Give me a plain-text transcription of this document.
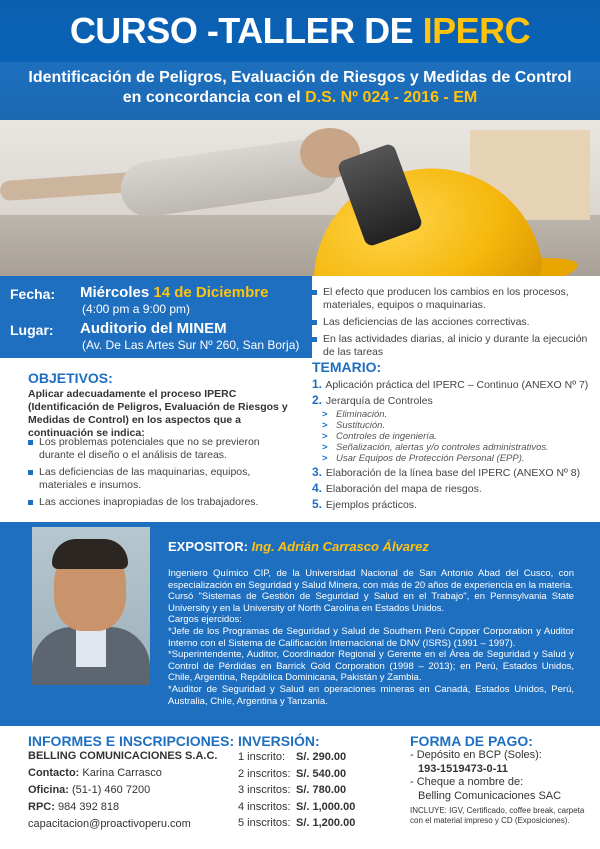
CURSO -TALLER DE IPERC
Identificación de Peligros, Evaluación de Riesgos y Medidas de Control
en concordancia con el D.S. Nº 024 - 2016 - EM
Fecha: Miércoles 14 de Diciembre
(4:00 pm a 9:00 pm)
Lugar: Auditorio del MINEM
(Av. De Las Artes Sur Nº 260, San Borja)
El efecto que producen los cambios en los procesos, materiales, equipos o maquinarias.
Las deficiencias de las acciones correctivas.
En las actividades diarias, al inicio y durante la ejecución de las tareas
OBJETIVOS:
Aplicar adecuadamente el proceso IPERC (Identificación de Peligros, Evaluación de Riesgos y Medidas de Control) en los aspectos que a continuación se indica:
Los problemas potenciales que no se previeron durante el diseño o el análisis de tareas.
Las deficiencias de las maquinarias, equipos, materiales e insumos.
Las acciones inapropiadas de los trabajadores.
TEMARIO:
1. Aplicación práctica del IPERC – Continuo (ANEXO Nº 7)
2. Jerarquía de Controles
> Eliminación.
> Sustitución.
> Controles de ingeniería.
> Señalización, alertas y/o controles administrativos.
> Usar Equipos de Protección Personal (EPP).
3. Elaboración de la línea base del IPERC (ANEXO Nº 8)
4. Elaboración del mapa de riesgos.
5. Ejemplos prácticos.
EXPOSITOR: Ing. Adrián Carrasco Álvarez

Ingeniero Químico CIP, de la Universidad Nacional de San Antonio Abad del Cusco, con especialización en Seguridad y Salud Minera, con más de 20 años de experiencia en la materia.

Cursó "Sistemas de Gestión de Seguridad y Salud en el Trabajo", en Pennsylvania State University y en la University of North Carolina en Estados Unidos.

Cargos ejercidos:

*Jefe de los Programas de Seguridad y Salud de Southern Perú Copper Corporation y Auditor Interno con el Sistema de Calificación Internacional de DNV (ISRS) (1991 – 1997).

*Superintendente, Auditor, Coordinador Regional y Gerente en el Área de Seguridad y Salud y Control de Pérdidas en Barrick Gold Corporation (1998 – 2013); en Perú, Estados Unidos, Chile, Argentina, República Dominicana, Pakistán y Zambia.

*Auditor de Seguridad y Salud en operaciones mineras en Canadá, Estados Unidos, Perú, Australia, Chile, Argentina y Tanzania.

INFORMES E INSCRIPCIONES:
BELLING COMUNICACIONES S.A.C.
Contacto: Karina Carrasco
Oficina: (51-1) 460 7200
RPC: 984 392 818
capacitacion@proactivoperu.com
INVERSIÓN:
1 inscrito: S/. 290.00
2 inscritos: S/. 540.00
3 inscritos: S/. 780.00
4 inscritos: S/. 1,000.00
5 inscritos: S/. 1,200.00
FORMA DE PAGO:
- Depósito en BCP (Soles):
193-1519473-0-11
- Cheque a nombre de:
Belling Comunicaciones SAC
INCLUYE: IGV, Certificado, coffee break, carpeta con el material impreso y CD (Exposiciones).
